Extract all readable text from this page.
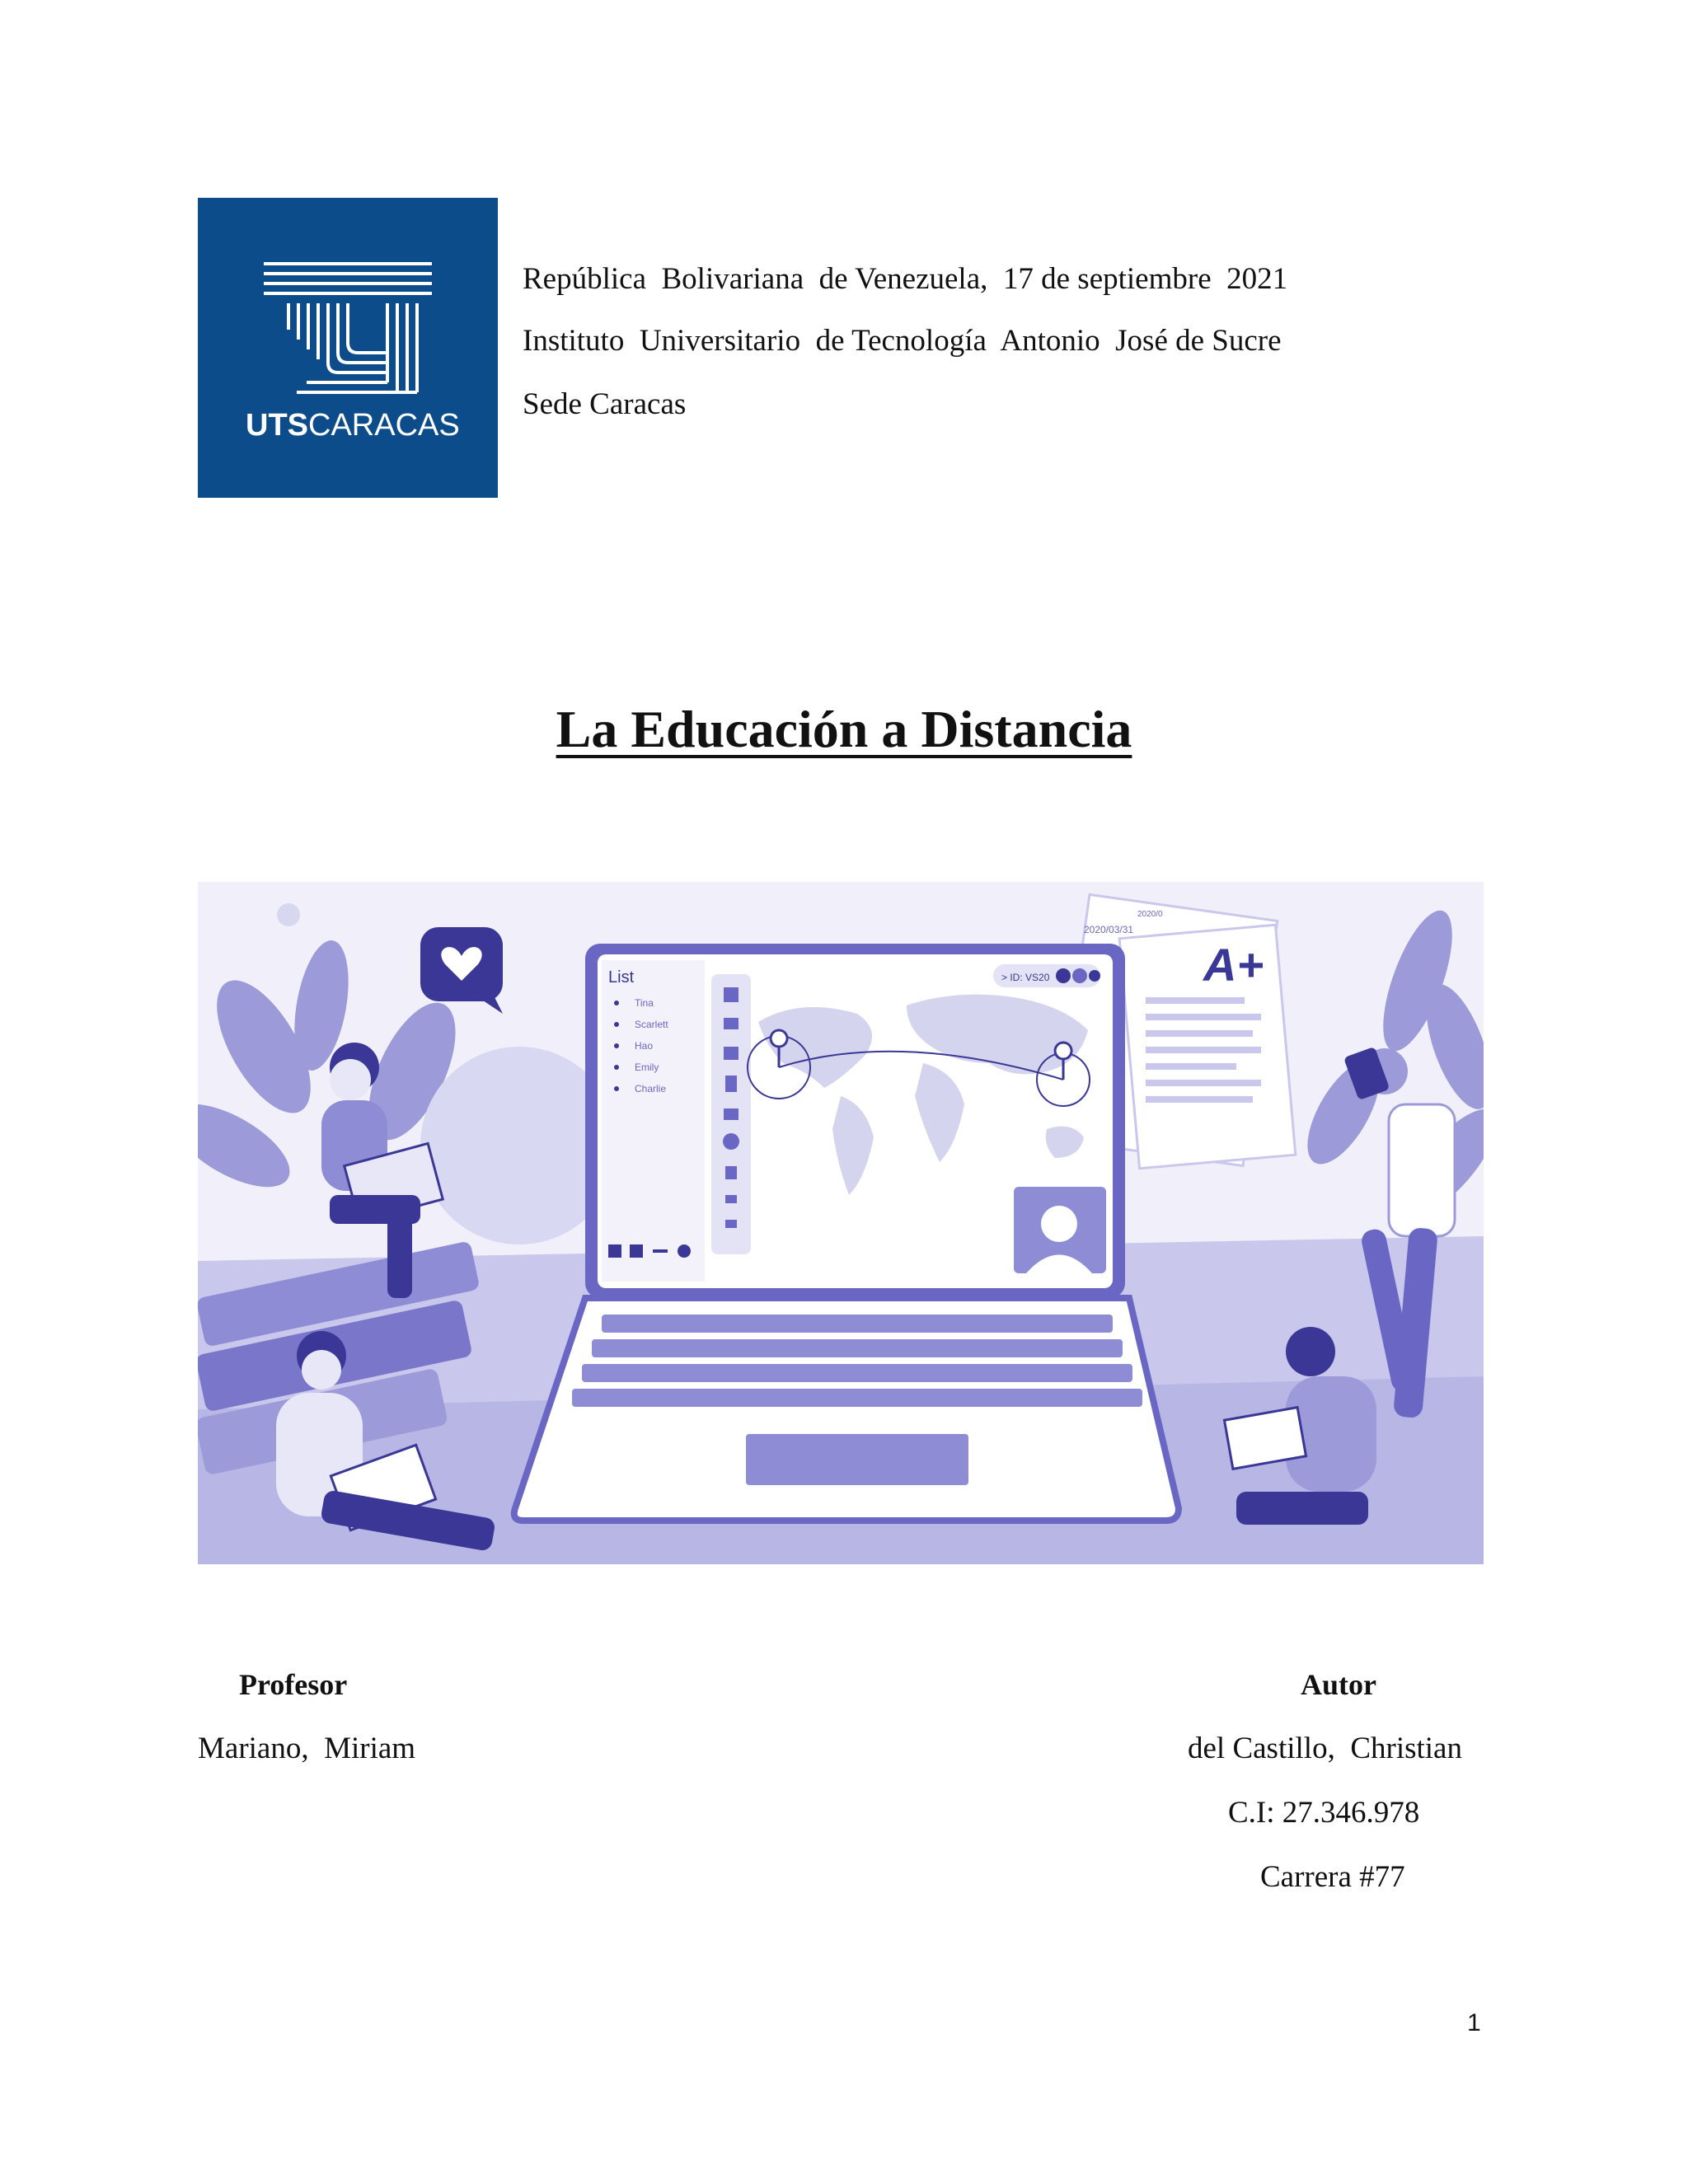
UTS CARACAS
República  Bolivariana  de Venezuela,  17 de septiembre  2021
Instituto  Universitario  de Tecnología  Antonio  José de Sucre
Sede Caracas
La Educación a Distancia
2020/03/31
2020/0
A+
List
Tina
Scarlett
Hao
Emily
Charlie
> ID: VS20
Profesor
Mariano,  Miriam
Autor
del Castillo,  Christian
C.I: 27.346.978
Carrera #77
1
